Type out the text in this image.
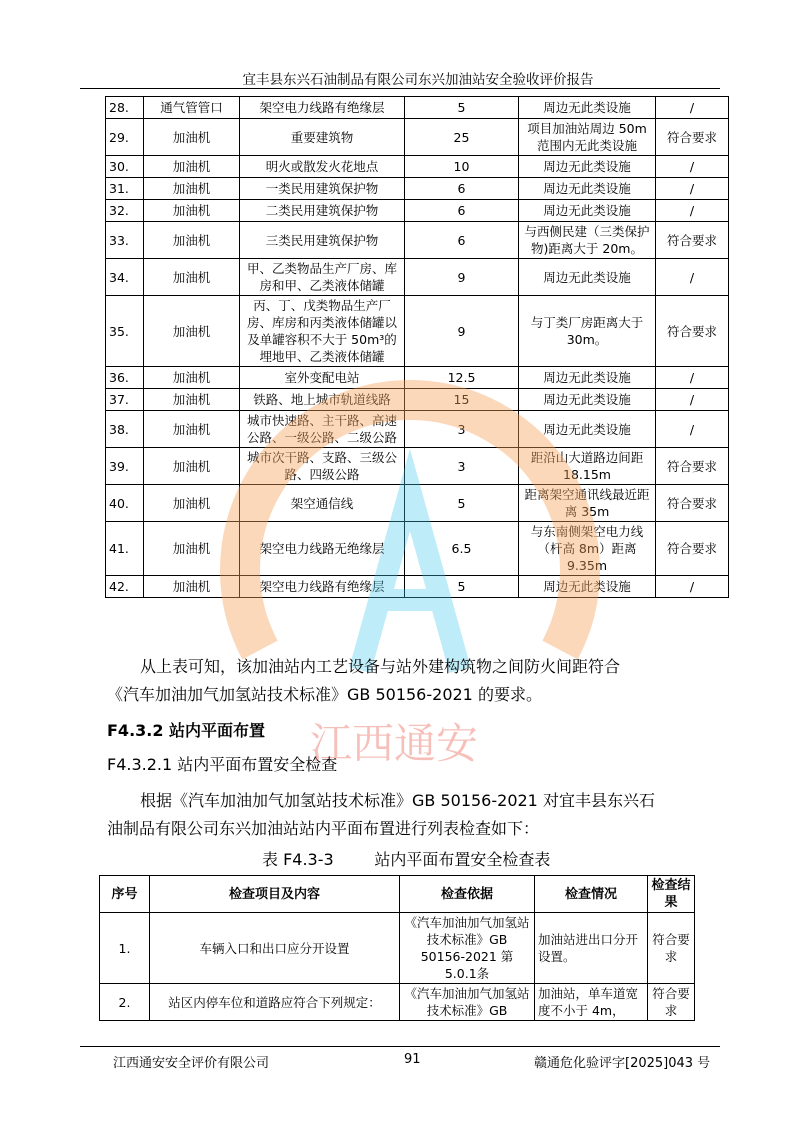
宜丰县东兴石油制品有限公司东兴加油站安全验收评价报告
28.	通气管管口	架空电力线路有绝缘层	5	周边无此类设施	/
29.	加油机	重要建筑物	25	项目加油站周边 50m范围内无此类设施	符合要求
30.	加油机	明火或散发火花地点	10	周边无此类设施	/
31.	加油机	一类民用建筑保护物	6	周边无此类设施	/
32.	加油机	二类民用建筑保护物	6	周边无此类设施	/
33.	加油机	三类民用建筑保护物	6	与西侧民建（三类保护物)距离大于 20m。	符合要求
34.	加油机	甲、乙类物品生产厂房、库房和甲、乙类液体储罐	9	周边无此类设施	/
35.	加油机	丙、丁、戊类物品生产厂房、库房和丙类液体储罐以及单罐容积不大于 50m³的埋地甲、乙类液体储罐	9	与丁类厂房距离大于 30m。	符合要求
36.	加油机	室外变配电站	12.5	周边无此类设施	/
37.	加油机	铁路、地上城市轨道线路	15	周边无此类设施	/
38.	加油机	城市快速路、主干路、高速公路、一级公路、二级公路	3	周边无此类设施	/
39.	加油机	城市次干路、支路、三级公路、四级公路	3	距沿山大道路边间距 18.15m	符合要求
40.	加油机	架空通信线	5	距离架空通讯线最近距离 35m	符合要求
41.	加油机	架空电力线路无绝缘层	6.5	与东南侧架空电力线（杆高 8m）距离 9.35m	符合要求
42.	加油机	架空电力线路有绝缘层	5	周边无此类设施	/
江西通安
从上表可知，该加油站内工艺设备与站外建构筑物之间防火间距符合
《汽车加油加气加氢站技术标准》GB 50156-2021 的要求。
F4.3.2 站内平面布置
F4.3.2.1 站内平面布置安全检查
根据《汽车加油加气加氢站技术标准》GB 50156-2021 对宜丰县东兴石
油制品有限公司东兴加油站站内平面布置进行列表检查如下：
表 F4.3-3        站内平面布置安全检查表
序号	检查项目及内容	检查依据	检查情况	检查结果
1.	车辆入口和出口应分开设置	《汽车加油加气加氢站技术标准》GB 50156-2021 第 5.0.1条	加油站进出口分开设置。	符合要求
2.	站区内停车位和道路应符合下列规定：	《汽车加油加气加氢站技术标准》GB	加油站，单车道宽度不小于 4m，	符合要求
江西通安安全评价有限公司	91	赣通危化验评字[2025]043 号
